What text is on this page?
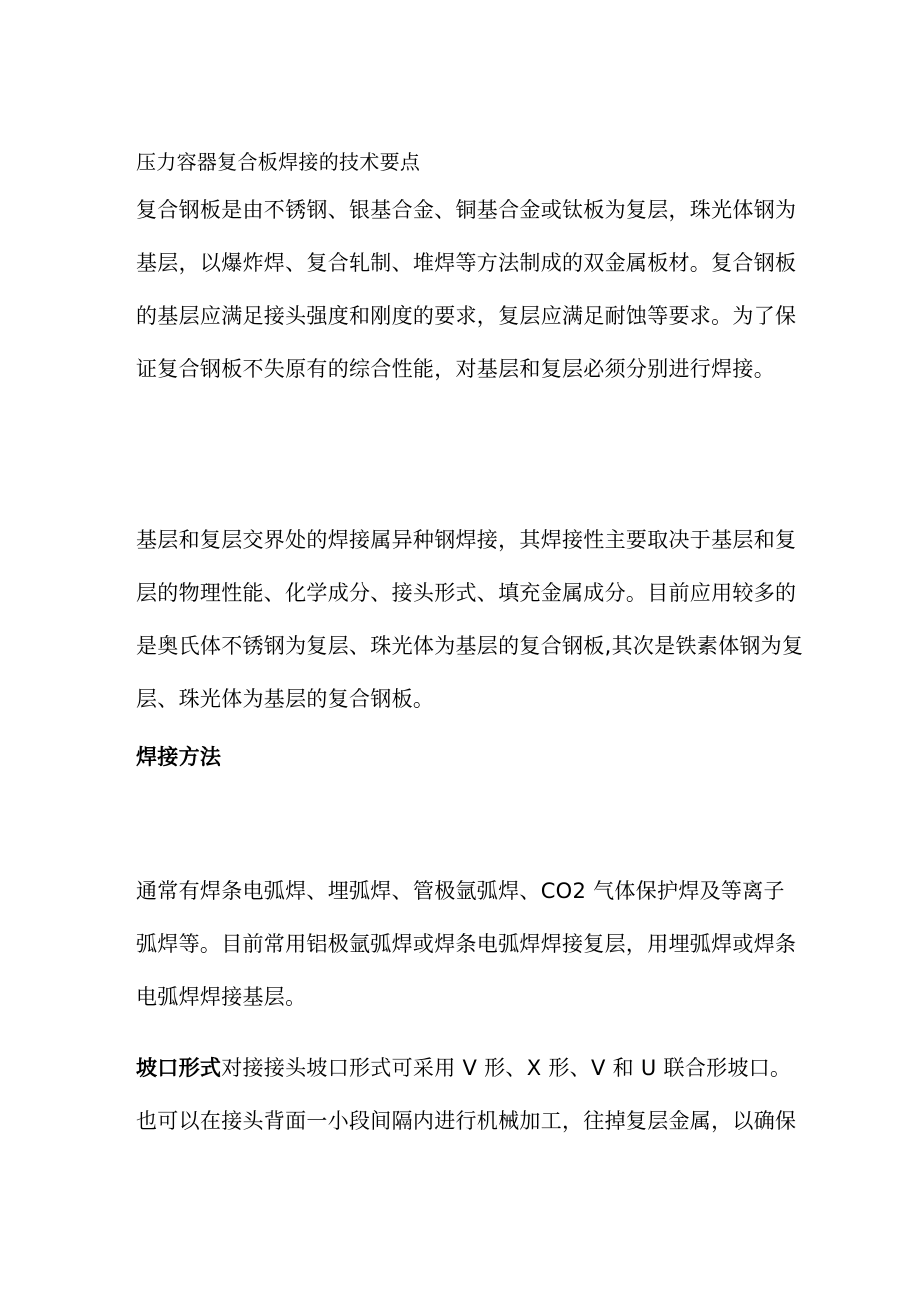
压力容器复合板焊接的技术要点

复合钢板是由不锈钢、银基合金、铜基合金或钛板为复层，珠光体钢为基层，以爆炸焊、复合轧制、堆焊等方法制成的双金属板材。复合钢板的基层应满足接头强度和刚度的要求，复层应满足耐蚀等要求。为了保证复合钢板不失原有的综合性能，对基层和复层必须分别进行焊接。

基层和复层交界处的焊接属异种钢焊接，其焊接性主要取决于基层和复层的物理性能、化学成分、接头形式、填充金属成分。目前应用较多的是奥氏体不锈钢为复层、珠光体为基层的复合钢板,其次是铁素体钢为复层、珠光体为基层的复合钢板。

焊接方法

通常有焊条电弧焊、埋弧焊、管极氩弧焊、CO2 气体保护焊及等离子弧焊等。目前常用铝极氩弧焊或焊条电弧焊焊接复层，用埋弧焊或焊条电弧焊焊接基层。

坡口形式对接接头坡口形式可采用 V 形、X 形、V 和 U 联合形坡口。也可以在接头背面一小段间隔内进行机械加工，往掉复层金属，以确保
